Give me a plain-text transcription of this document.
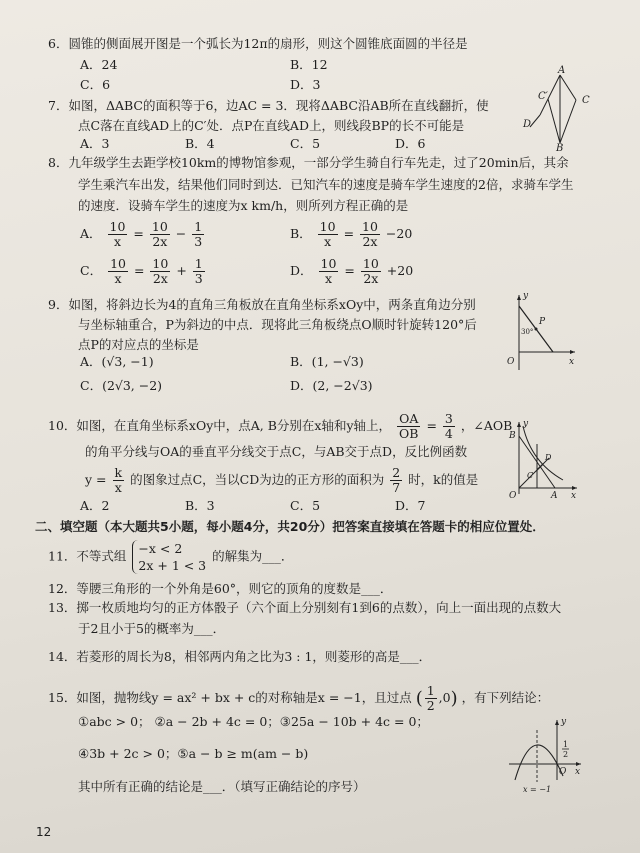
6．圆锥的侧面展开图是一个弧长为12π的扇形，则这个圆锥底面圆的半径是
A．24	B．12
C．6	D．3
7．如图，ΔABC的面积等于6，边AC = 3．现将ΔABC沿AB所在直线翻折，使
点C落在直线AD上的C′处．点P在直线AD上，则线段BP的长不可能是
A．3	B．4	C．5	D．6
A
C′	C
D
B
8．九年级学生去距学校10km的博物馆参观，一部分学生骑自行车先走，过了20min后，其余
学生乘汽车出发，结果他们同时到达．已知汽车的速度是骑车学生速度的2倍，求骑车学生
的速度．设骑车学生的速度为x km/h，则所列方程正确的是
A． $\frac{10}{x} = \frac{10}{2x} - \frac{1}{3}$	B． $\frac{10}{x} = \frac{10}{2x} -20$
C． $\frac{10}{x} = \frac{10}{2x} + \frac{1}{3}$	D． $\frac{10}{x} = \frac{10}{2x} +20$
9．如图，将斜边长为4的直角三角板放在直角坐标系xOy中，两条直角边分别
与坐标轴重合，P为斜边的中点．现将此三角板绕点O顺时针旋转120°后
点P的对应点的坐标是
A．(√3, −1)	B．(1, −√3)
C．(2√3, −2)	D．(2, −2√3)
y
P
30°
O	x
10．如图，在直角坐标系xOy中，点A, B分别在x轴和y轴上， $\frac{OA}{OB} = \frac{3}{4}$ ，∠AOB
的角平分线与OA的垂直平分线交于点C，与AB交于点D，反比例函数
$y = \frac{k}{x}$ 的图象过点C，当以CD为边的正方形的面积为 $\frac{2}{7}$ 时，k的值是
A．2	B．3	C．5	D．7
B
y
C
D
O	A x
二、填空题（本大题共5小题，每小题4分，共20分）把答案直接填在答题卡的相应位置处．
11．不等式组 −x < 2
2x + 1 < 3
的解集为___．
12．等腰三角形的一个外角是60°，则它的顶角的度数是___．
13．掷一枚质地均匀的正方体骰子（六个面上分别刻有1到6的点数），向上一面出现的点数大
于2且小于5的概率为___．
14．若菱形的周长为8，相邻两内角之比为3 : 1，则菱形的高是___．
15．如图，抛物线y = ax² + bx + c的对称轴是x = −1，且过点 ( $\frac{1}{2} ,0$) ，有下列结论：
①abc > 0； ②a − 2b + 4c = 0；③25a − 10b + 4c = 0；
④3b + 2c > 0；⑤a − b ≥ m(am − b)
其中所有正确的结论是___．（填写正确结论的序号）
y
1
2
O x
x = −1
12
